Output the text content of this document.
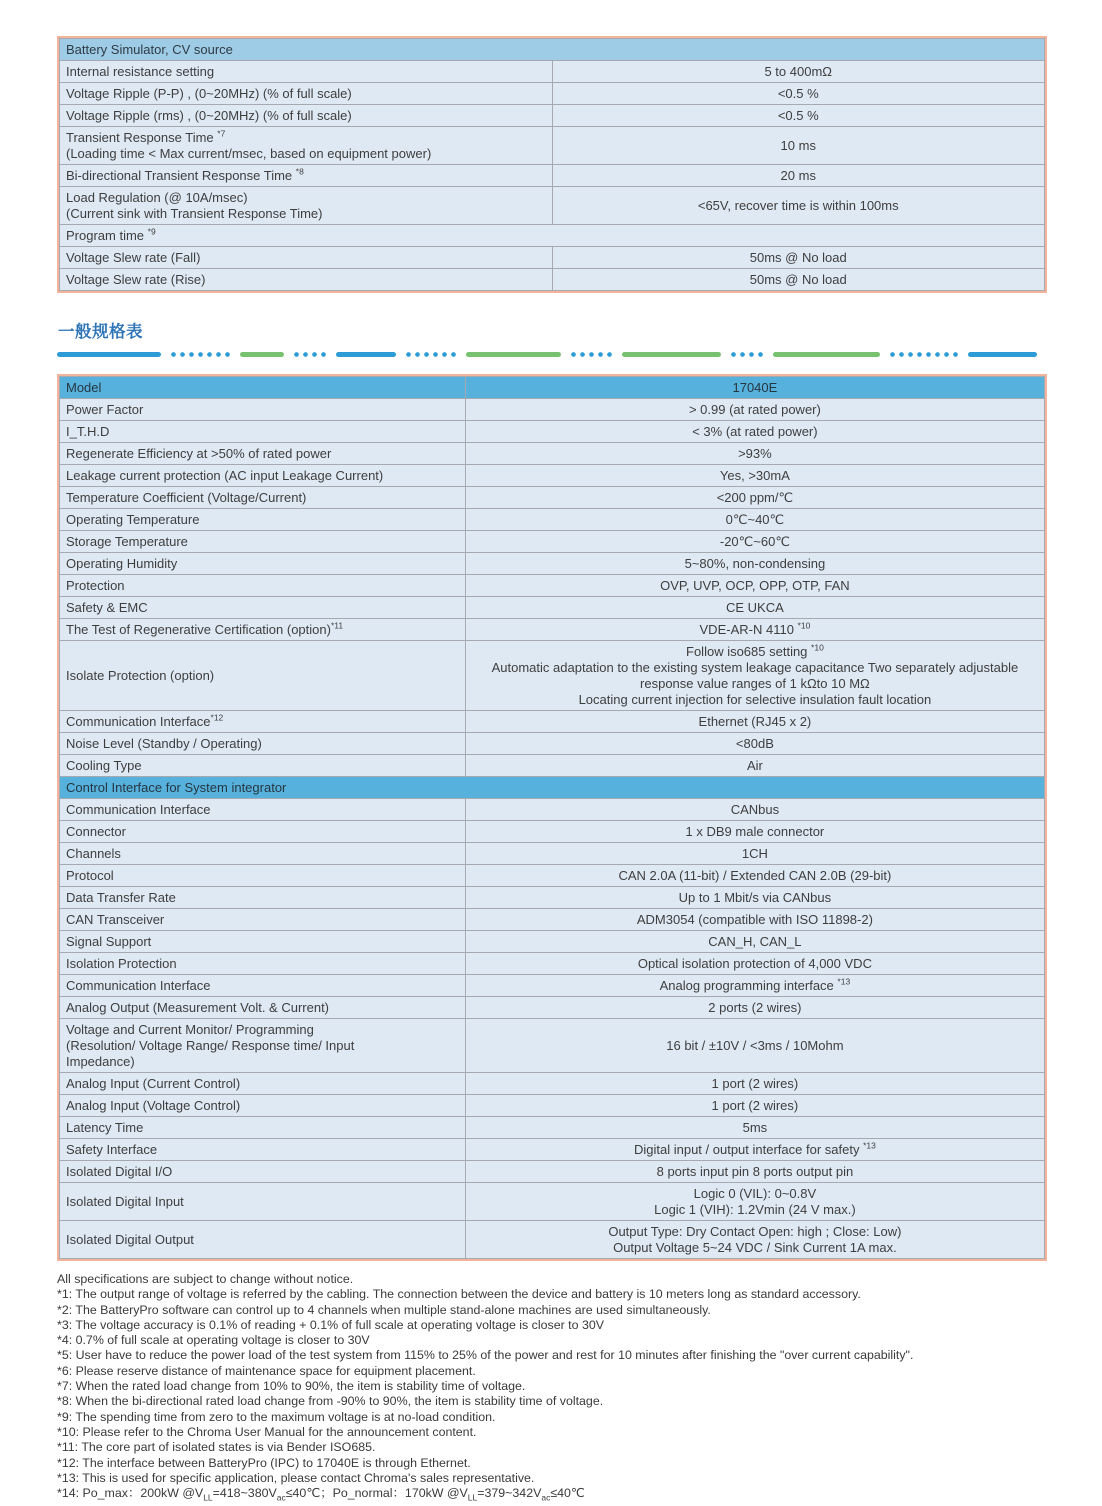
Battery Simulator, CV source	

Internal resistance setting	5 to 400mΩ

Voltage Ripple (P-P) , (0~20MHz) (% of full scale)	<0.5 %

Voltage Ripple (rms) , (0~20MHz) (% of full scale)	<0.5 %

Transient Response Time $^{*7}$
(Loading time < Max current/msec, based on equipment power)	10 ms

Bi-directional Transient Response Time $^{*8}$	20 ms

Load Regulation (@ 10A/msec)
(Current sink with Transient Response Time)	<65V, recover time is within 100ms

Program time $^{*9}$

Voltage Slew rate (Fall)	50ms @ No load

Voltage Slew rate (Rise)	50ms @ No load
一般规格表
Model	17040E

Power Factor	> 0.99 (at rated power)

I_T.H.D	< 3% (at rated power)

Regenerate Efficiency at >50% of rated power	>93%

Leakage current protection (AC input Leakage Current)	Yes, >30mA

Temperature Coefficient (Voltage/Current)	<200 ppm/℃

Operating Temperature	0℃~40℃

Storage Temperature	-20℃~60℃

Operating Humidity	5~80%, non-condensing

Protection	OVP, UVP, OCP, OPP, OTP, FAN

Safety & EMC	CE UKCA

The Test of Regenerative Certification (option)$^{*11}$	VDE-AR-N 4110 $^{*10}$

Isolate Protection (option)	Follow iso685 setting $^{*10}$
Automatic adaptation to the existing system leakage capacitance Two separately adjustable response value ranges of 1 kΩto 10 MΩ
Locating current injection for selective insulation fault location

Communication Interface$^{*12}$	Ethernet (RJ45 x 2)

Noise Level (Standby / Operating)	<80dB

Cooling Type	Air

Control Interface for System integrator	

Communication Interface	CANbus

Connector	1 x DB9 male connector

Channels	1CH

Protocol	CAN 2.0A (11-bit) / Extended CAN 2.0B (29-bit)

Data Transfer Rate	Up to 1 Mbit/s via CANbus

CAN Transceiver	ADM3054 (compatible with ISO 11898-2)

Signal Support	CAN_H, CAN_L

Isolation Protection	Optical isolation protection of 4,000 VDC

Communication Interface	Analog programming interface $^{*13}$

Analog Output (Measurement Volt. & Current)	2 ports (2 wires)

Voltage and Current Monitor/ Programming
(Resolution/ Voltage Range/ Response time/ Input
Impedance)	16 bit / ±10V / <3ms / 10Mohm

Analog Input (Current Control)	1 port (2 wires)

Analog Input (Voltage Control)	1 port (2 wires)

Latency Time	5ms

Safety Interface	Digital input / output interface for safety $^{*13}$

Isolated Digital I/O	8 ports input pin 8 ports output pin

Isolated Digital Input	Logic 0 (VIL): 0~0.8V
Logic 1 (VIH): 1.2Vmin (24 V max.)

Isolated Digital Output	Output Type: Dry Contact Open: high ; Close: Low)
Output Voltage 5~24 VDC / Sink Current 1A max.

All specifications are subject to change without notice.

*1: The output range of voltage is referred by the cabling. The connection between the device and battery is 10 meters long as standard accessory.

*2: The BatteryPro software can control up to 4 channels when multiple stand-alone machines are used simultaneously.

*3: The voltage accuracy is 0.1% of reading + 0.1% of full scale at operating voltage is closer to 30V

*4: 0.7% of full scale at operating voltage is closer to 30V

*5: User have to reduce the power load of the test system from 115% to 25% of the power and rest for 10 minutes after finishing the "over current capability".

*6: Please reserve distance of maintenance space for equipment placement.

*7: When the rated load change from 10% to 90%, the item is stability time of voltage.

*8: When the bi-directional rated load change from -90% to 90%, the item is stability time of voltage.

*9: The spending time from zero to the maximum voltage is at no-load condition.

*10: Please refer to the Chroma User Manual for the announcement content.

*11: The core part of isolated states is via Bender ISO685.

*12: The interface between BatteryPro (IPC) to 17040E is through Ethernet.

*13: This is used for specific application, please contact Chroma's sales representative.

*14: Po_max：200kW $@V_{LL}=418\sim 380V_{ac}\le 40℃$；Po_normal：170kW $@V_{LL}=379\sim 342V_{ac}\le 40℃$
